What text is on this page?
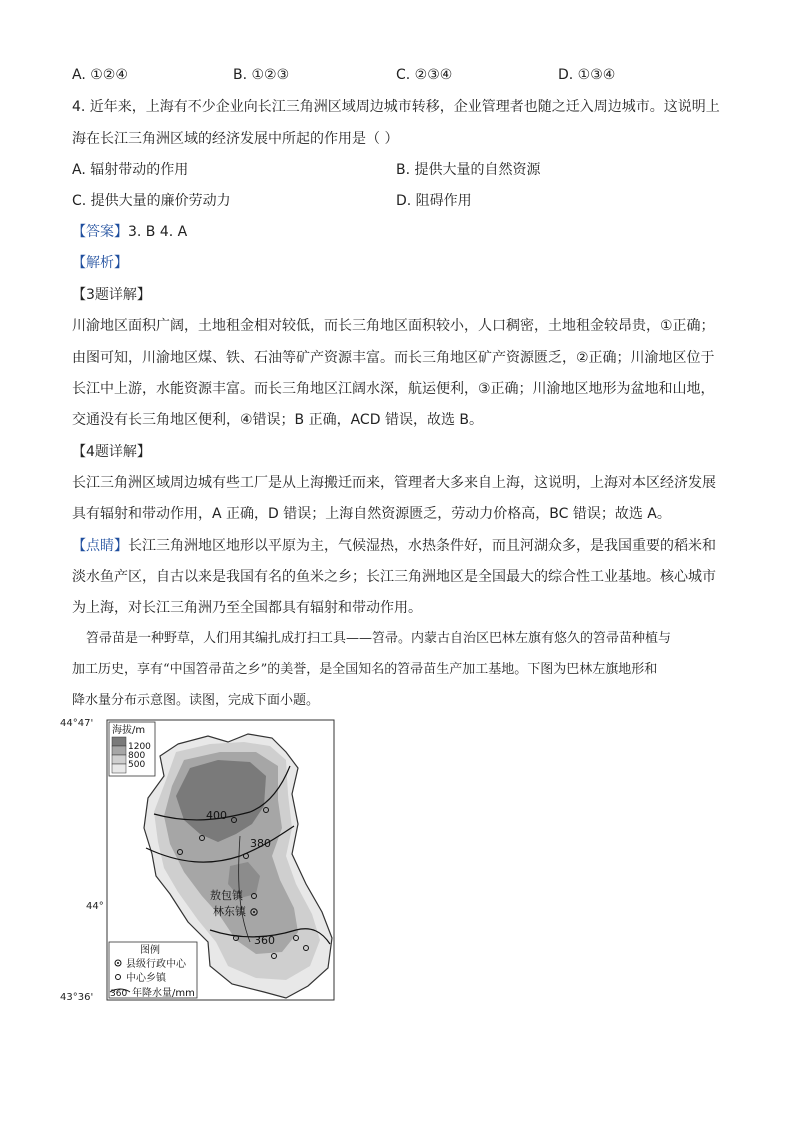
A. ①②④	B. ①②③	C. ②③④	D. ①③④
4. 近年来，上海有不少企业向长江三角洲区域周边城市转移，企业管理者也随之迁入周边城市。这说明上
海在长江三角洲区域的经济发展中所起的作用是（ ）
A. 辐射带动的作用	B. 提供大量的自然资源
C. 提供大量的廉价劳动力	D. 阻碍作用
【答案】3. B 4. A
【解析】
【3题详解】
川渝地区面积广阔，土地租金相对较低，而长三角地区面积较小，人口稠密，土地租金较昂贵，①正确；
由图可知，川渝地区煤、铁、石油等矿产资源丰富。而长三角地区矿产资源匮乏，②正确；川渝地区位于
长江中上游，水能资源丰富。而长三角地区江阔水深，航运便利，③正确；川渝地区地形为盆地和山地，
交通没有长三角地区便利，④错误；B 正确，ACD 错误，故选 B。
【4题详解】
长江三角洲区域周边城有些工厂是从上海搬迁而来，管理者大多来自上海，这说明，上海对本区经济发展
具有辐射和带动作用，A 正确，D 错误；上海自然资源匮乏，劳动力价格高，BC 错误；故选 A。
【点睛】长江三角洲地区地形以平原为主，气候湿热，水热条件好，而且河湖众多，是我国重要的稻米和
淡水鱼产区，自古以来是我国有名的鱼米之乡；长江三角洲地区是全国最大的综合性工业基地。核心城市
为上海，对长江三角洲乃至全国都具有辐射和带动作用。
笤帚苗是一种野草，人们用其编扎成打扫工具——笤帚。内蒙古自治区巴林左旗有悠久的笤帚苗种植与
加工历史，享有“中国笤帚苗之乡”的美誉，是全国知名的笤帚苗生产加工基地。下图为巴林左旗地形和
降水量分布示意图。读图，完成下面小题。
44°47'
44°
43°36'
400
380
360
敖包镇
林东镇
海拔/m
1200
800
500
图例
县级行政中心
中心乡镇
360 年降水量/mm
